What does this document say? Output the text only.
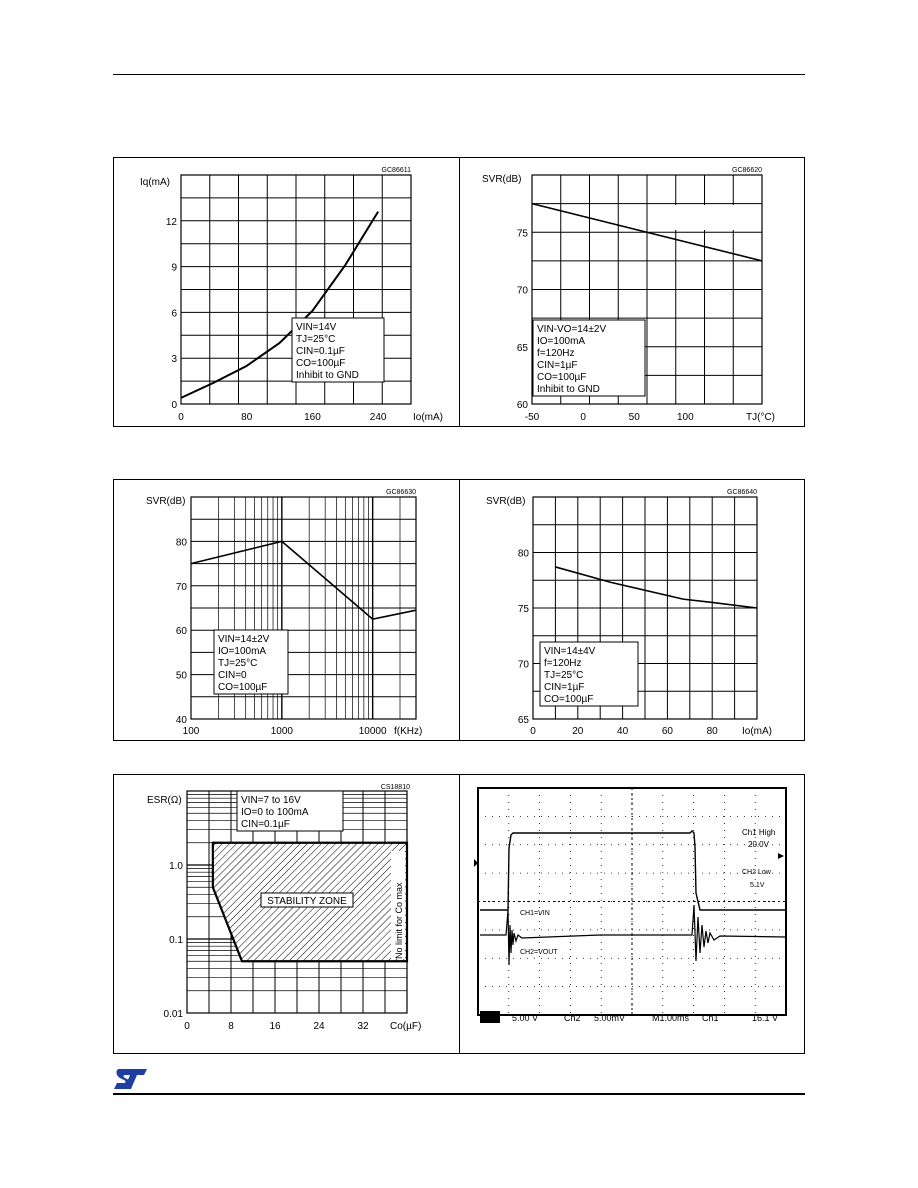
GC86611
Iq(mA)
Io(mA)
0	80	160	240
0
3
6
9
12
VIN=14V
TJ=25°C
CIN=0.1µF
CO=100µF
Inhibit to GND
GC86620
SVR(dB)
TJ(°C)
-50	0	50	100
60
65
70
75
VIN-VO=14±2V
IO=100mA
f=120Hz
CIN=1µF
CO=100µF
Inhibit to GND
GC86630
SVR(dB)
f(KHz)
100	1000	10000
40
50
60
70
80
VIN=14±2V
IO=100mA
TJ=25°C
CIN=0
CO=100µF
GC86640
SVR(dB)
Io(mA)
0	20	40	60	80
65
70
75
80
VIN=14±4V
f=120Hz
TJ=25°C
CIN=1µF
CO=100µF
STABILITY ZONE	No limit for Co max
CS18810
ESR(Ω)
Co(µF)
0	8	16	24	32
0.01
0.1
1.0
VIN=7 to 16V
IO=0 to 100mA
CIN=0.1µF
CH1=VIN
CH2=VOUT
Ch1 High
20.0V
CH2 Low
5.1V
Ch1 5.00 V	Ch2 5.00mV	M1.00ms Ch1	16.1 V
